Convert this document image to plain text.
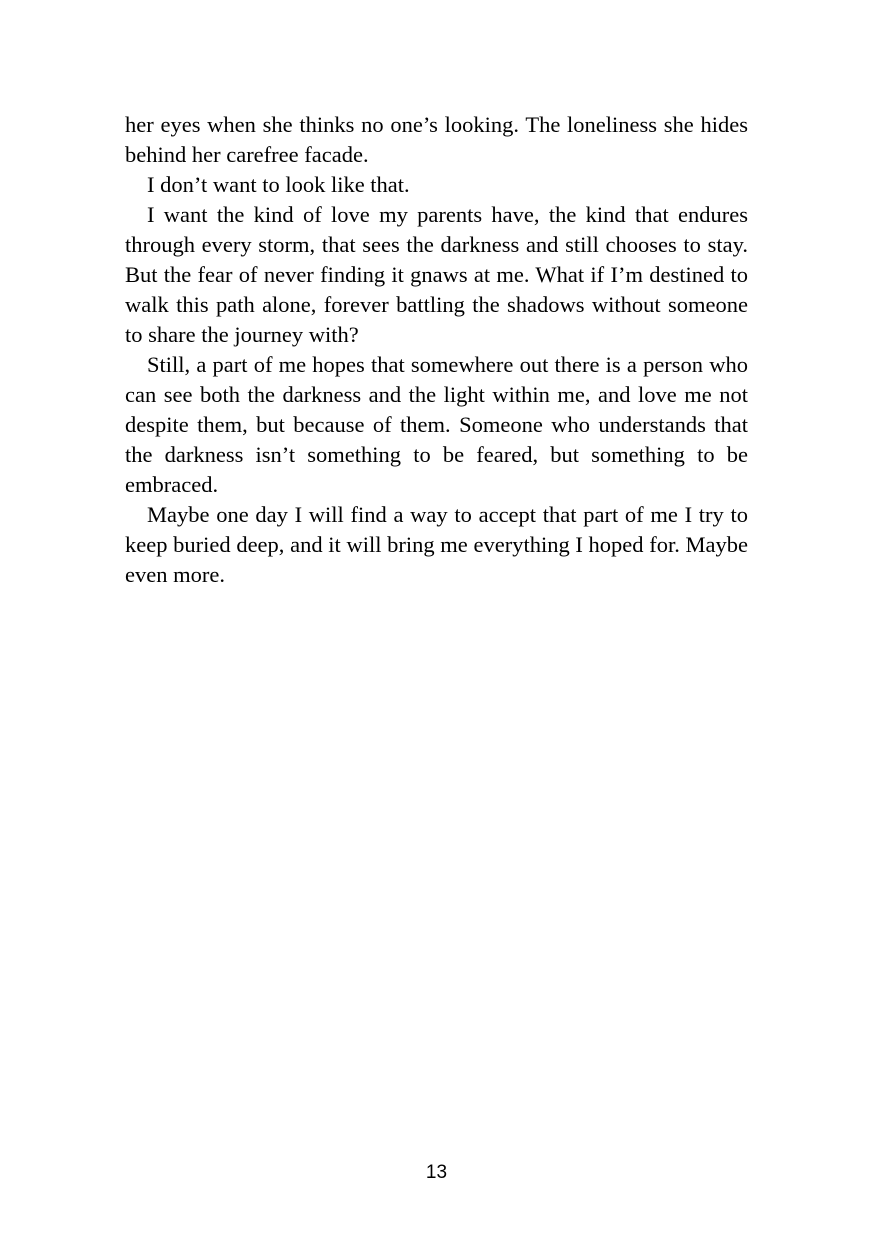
her eyes when she thinks no one’s looking. The loneliness she hides behind her carefree facade.

I don’t want to look like that.

I want the kind of love my parents have, the kind that endures through every storm, that sees the darkness and still chooses to stay. But the fear of never finding it gnaws at me. What if I’m destined to walk this path alone, forever battling the shadows without someone to share the journey with?

Still, a part of me hopes that somewhere out there is a person who can see both the darkness and the light within me, and love me not despite them, but because of them. Someone who understands that the darkness isn’t something to be feared, but something to be embraced.

Maybe one day I will find a way to accept that part of me I try to keep buried deep, and it will bring me everything I hoped for. Maybe even more.

13
